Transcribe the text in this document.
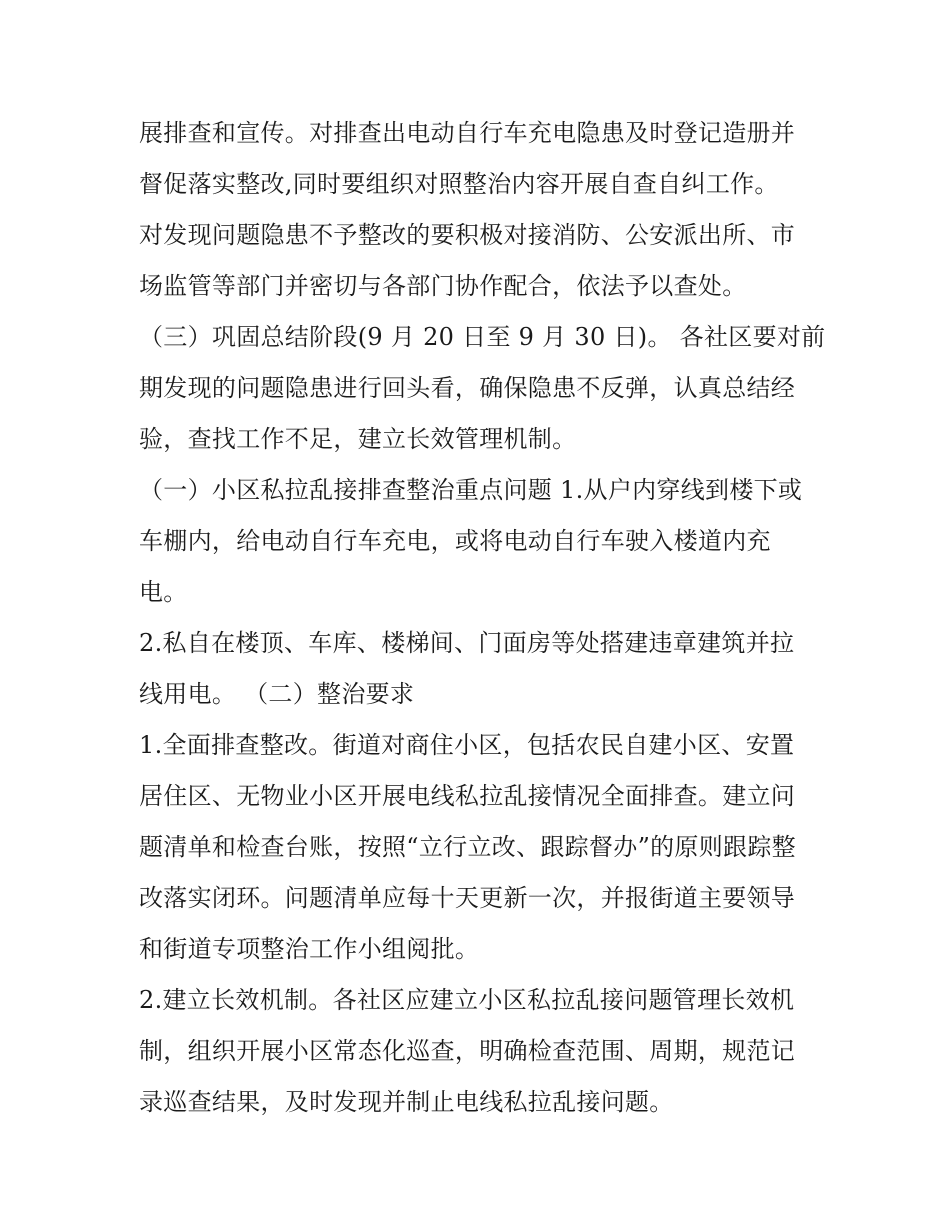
展排查和宣传。对排查出电动自行车充电隐患及时登记造册并
督促落实整改,同时要组织对照整治内容开展自查自纠工作。
对发现问题隐患不予整改的要积极对接消防、公安派出所、市
场监管等部门并密切与各部门协作配合，依法予以查处。
（三）巩固总结阶段(9 月 20 日至 9 月 30 日)。 各社区要对前
期发现的问题隐患进行回头看，确保隐患不反弹，认真总结经
验，查找工作不足，建立长效管理机制。
（一）小区私拉乱接排查整治重点问题 1.从户内穿线到楼下或
车棚内，给电动自行车充电，或将电动自行车驶入楼道内充
电。
2.私自在楼顶、车库、楼梯间、门面房等处搭建违章建筑并拉
线用电。 （二）整治要求
1.全面排查整改。街道对商住小区，包括农民自建小区、安置
居住区、无物业小区开展电线私拉乱接情况全面排查。建立问
题清单和检查台账，按照“立行立改、跟踪督办”的原则跟踪整
改落实闭环。问题清单应每十天更新一次，并报街道主要领导
和街道专项整治工作小组阅批。
2.建立长效机制。各社区应建立小区私拉乱接问题管理长效机
制，组织开展小区常态化巡查，明确检查范围、周期，规范记
录巡查结果，及时发现并制止电线私拉乱接问题。
